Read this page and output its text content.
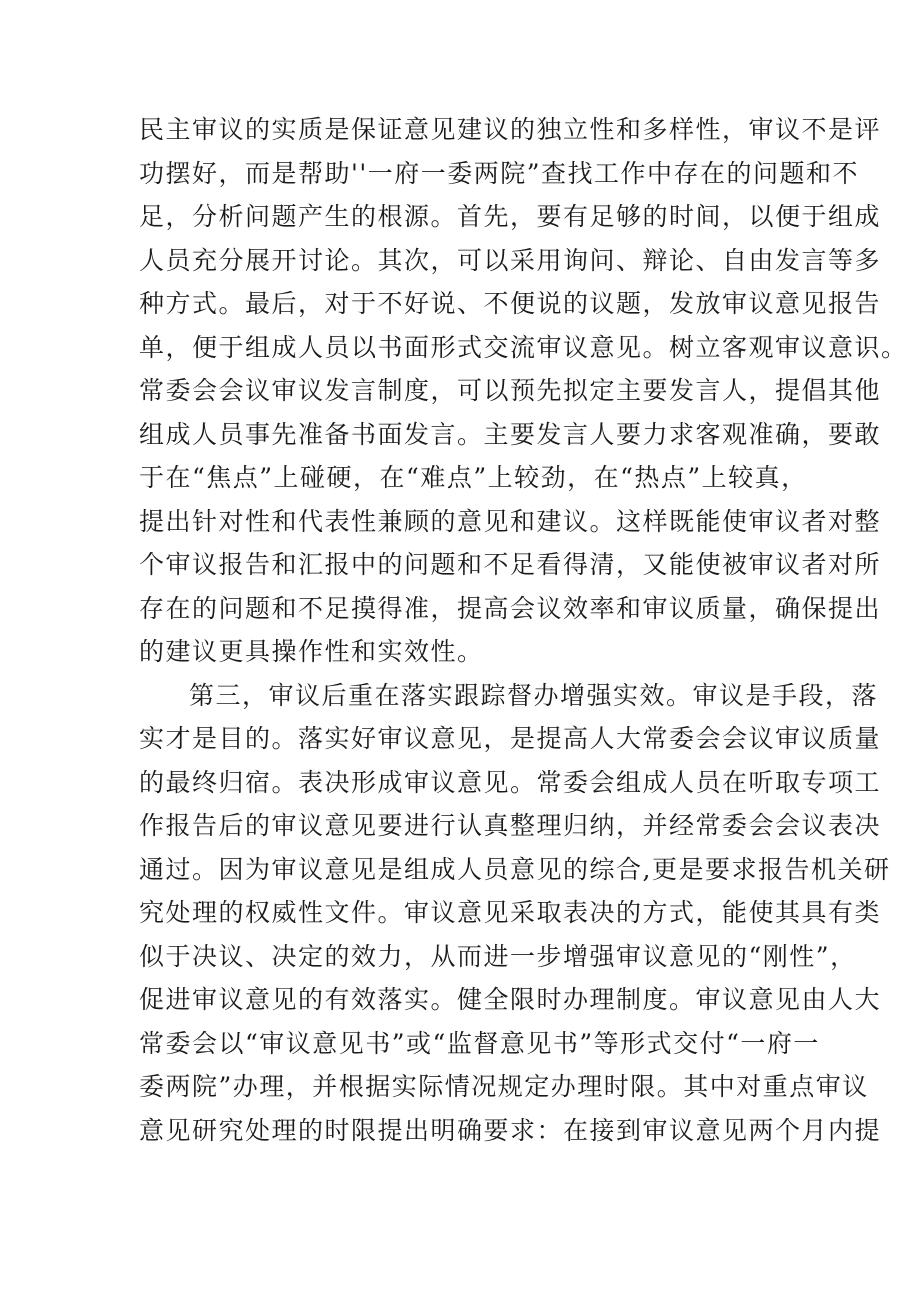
民主审议的实质是保证意见建议的独立性和多样性，审议不是评
功摆好，而是帮助''一府一委两院”查找工作中存在的问题和不
足，分析问题产生的根源。首先，要有足够的时间，以便于组成
人员充分展开讨论。其次，可以采用询问、辩论、自由发言等多
种方式。最后，对于不好说、不便说的议题，发放审议意见报告
单，便于组成人员以书面形式交流审议意见。树立客观审议意识。
常委会会议审议发言制度，可以预先拟定主要发言人，提倡其他
组成人员事先准备书面发言。主要发言人要力求客观准确，要敢
于在“焦点”上碰硬，在“难点”上较劲，在“热点”上较真，
提出针对性和代表性兼顾的意见和建议。这样既能使审议者对整
个审议报告和汇报中的问题和不足看得清，又能使被审议者对所
存在的问题和不足摸得准，提高会议效率和审议质量，确保提出
的建议更具操作性和实效性。
第三，审议后重在落实跟踪督办增强实效。审议是手段，落
实才是目的。落实好审议意见，是提高人大常委会会议审议质量
的最终归宿。表决形成审议意见。常委会组成人员在听取专项工
作报告后的审议意见要进行认真整理归纳，并经常委会会议表决
通过。因为审议意见是组成人员意见的综合,更是要求报告机关研
究处理的权威性文件。审议意见采取表决的方式，能使其具有类
似于决议、决定的效力，从而进一步增强审议意见的“刚性”，
促进审议意见的有效落实。健全限时办理制度。审议意见由人大
常委会以“审议意见书”或“监督意见书”等形式交付“一府一
委两院”办理，并根据实际情况规定办理时限。其中对重点审议
意见研究处理的时限提出明确要求：在接到审议意见两个月内提
